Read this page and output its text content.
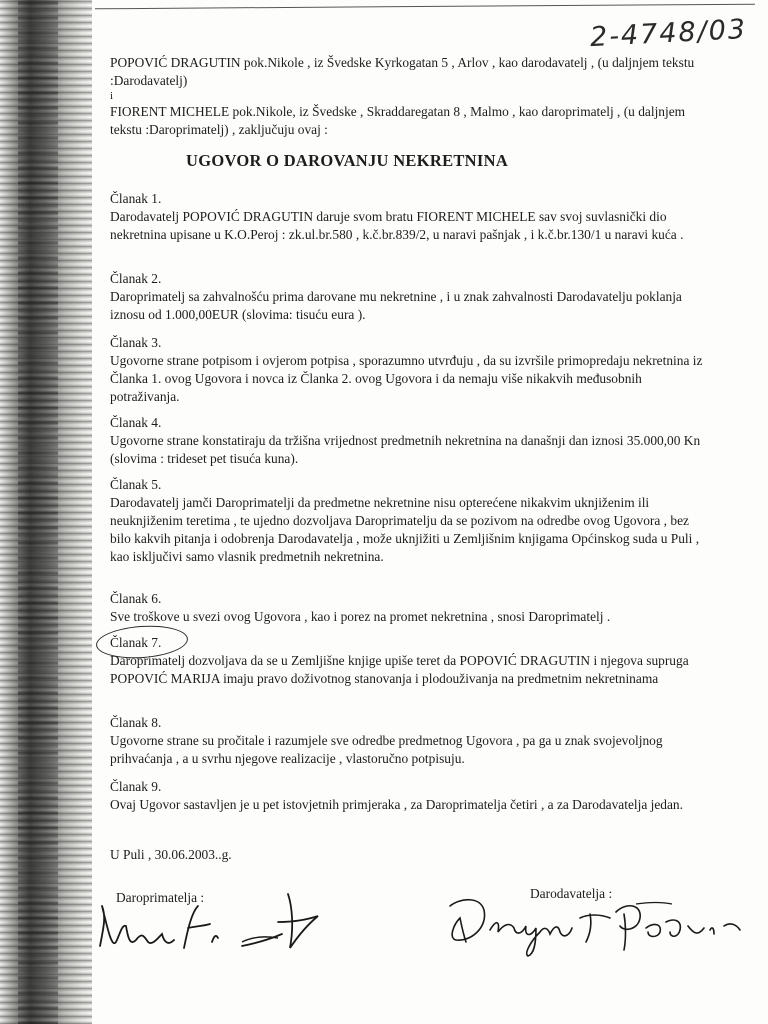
2-4748/03

POPOVIĆ DRAGUTIN pok.Nikole , iz Švedske Kyrkogatan 5 , Arlov , kao darodavatelj , (u daljnjem tekstu :Darodavatelj)

i

FIORENT MICHELE pok.Nikole, iz Švedske , Skraddaregatan 8 , Malmo , kao daroprimatelj , (u daljnjem tekstu :Daroprimatelj) , zaključuju ovaj :

UGOVOR O DAROVANJU NEKRETNINA
Članak 1.
Darodavatelj POPOVIĆ DRAGUTIN daruje svom bratu FIORENT MICHELE sav svoj suvlasnički dio nekretnina upisane u K.O.Peroj : zk.ul.br.580 , k.č.br.839/2, u naravi pašnjak , i k.č.br.130/1 u naravi kuća .
Članak 2.
Daroprimatelj sa zahvalnošću prima darovane mu nekretnine , i u znak zahvalnosti Darodavatelju poklanja iznosu od 1.000,00EUR (slovima: tisuću eura ).
Članak 3.
Ugovorne strane potpisom i ovjerom potpisa , sporazumno utvrđuju , da su izvršile primopredaju nekretnina iz Članka 1. ovog Ugovora i novca iz Članka 2. ovog Ugovora i da nemaju više nikakvih međusobnih potraživanja.
Članak 4.
Ugovorne strane konstatiraju da tržišna vrijednost predmetnih nekretnina na današnji dan iznosi 35.000,00 Kn (slovima : trideset pet tisuća kuna).
Članak 5.
Darodavatelj jamči Daroprimatelji da predmetne nekretnine nisu opterećene nikakvim uknjiženim ili neuknjiženim teretima , te ujedno dozvoljava Daroprimatelju da se pozivom na odredbe ovog Ugovora , bez bilo kakvih pitanja i odobrenja Darodavatelja , može uknjižiti u Zemljišnim knjigama Općinskog suda u Puli , kao isključivi samo vlasnik predmetnih nekretnina.
Članak 6.
Sve troškove u svezi ovog Ugovora , kao i porez na promet nekretnina , snosi Daroprimatelj .
Članak 7.
Daroprimatelj dozvoljava da se u Zemljišne knjige upiše teret da POPOVIĆ DRAGUTIN i njegova supruga POPOVIĆ MARIJA imaju pravo doživotnog stanovanja i plodouživanja na predmetnim nekretninama
Članak 8.
Ugovorne strane su pročitale i razumjele sve odredbe predmetnog Ugovora , pa ga u znak svojevoljnog prihvaćanja , a u svrhu njegove realizacije , vlastoručno potpisuju.
Članak 9.
Ovaj Ugovor sastavljen je u pet istovjetnih primjeraka , za Daroprimatelja četiri , a za Darodavatelja jedan.
U Puli , 30.06.2003..g.
Daroprimatelja :	Darodavatelja :
